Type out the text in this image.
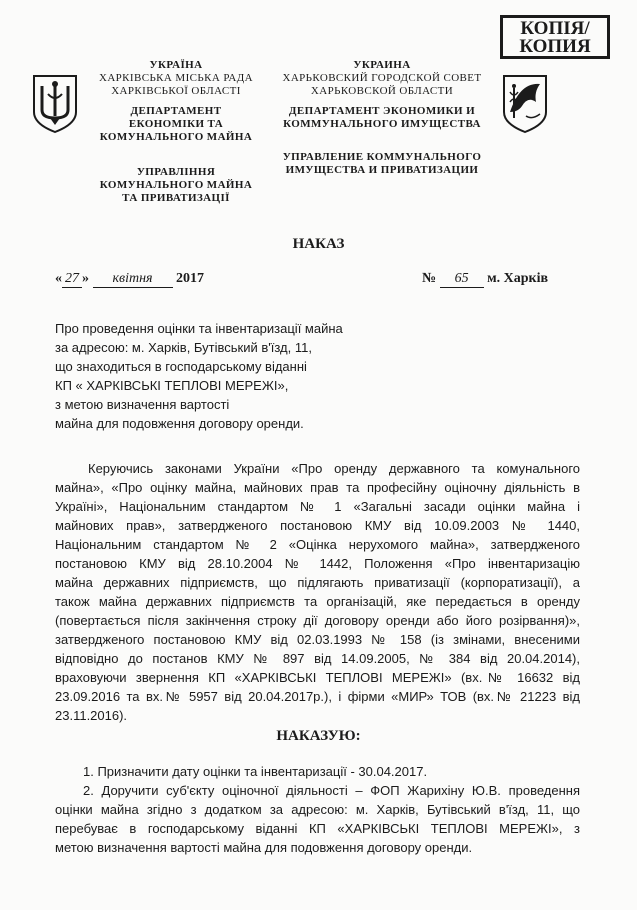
КОПІЯ/
КОПИЯ
УКРАЇНА
ХАРКІВСЬКА МІСЬКА РАДА
ХАРКІВСЬКОЇ ОБЛАСТІ
ДЕПАРТАМЕНТ
ЕКОНОМІКИ ТА
КОМУНАЛЬНОГО МАЙНА
УПРАВЛІННЯ
КОМУНАЛЬНОГО МАЙНА
ТА ПРИВАТИЗАЦІЇ
УКРАИНА
ХАРЬКОВСКИЙ ГОРОДСКОЙ СОВЕТ
ХАРЬКОВСКОЙ ОБЛАСТИ
ДЕПАРТАМЕНТ ЭКОНОМИКИ И
КОММУНАЛЬНОГО ИМУЩЕСТВА
УПРАВЛЕНИЕ КОММУНАЛЬНОГО
ИМУЩЕСТВА И ПРИВАТИЗАЦИИ
НАКАЗ
« 27 » квітня 2017	№ 65 м. Харків
Про проведення оцінки та інвентаризації майна
за адресою: м. Харків, Бутівський в'їзд, 11,
що знаходиться в господарському віданні
КП « ХАРКІВСЬКІ ТЕПЛОВІ МЕРЕЖІ»,
з метою визначення вартості
майна для подовження договору оренди.
Керуючись законами України «Про оренду державного та комунального
майна», «Про оцінку майна, майнових прав та професійну оціночну діяльність в
Україні», Національним стандартом № 1 «Загальні засади оцінки майна і
майнових прав», затвердженого постановою КМУ від 10.09.2003 № 1440,
Національним стандартом № 2 «Оцінка нерухомого майна», затвердженого
постановою КМУ від 28.10.2004 № 1442, Положення «Про інвентаризацію
майна державних підприємств, що підлягають приватизації (корпоратизації), а
також майна державних підприємств та організацій, яке передається в оренду
(повертається після закінчення строку дії договору оренди або його розірвання)»,
затвердженого постановою КМУ від 02.03.1993 № 158 (із змінами, внесеними
відповідно до постанов КМУ № 897 від 14.09.2005, № 384 від 20.04.2014),
враховуючи звернення КП «ХАРКІВСЬКІ ТЕПЛОВІ МЕРЕЖІ» (вх.№ 16632 від
23.09.2016 та вх.№ 5957 від 20.04.2017р.), і фірми «МИР» ТОВ (вх.№ 21223 від
23.11.2016).
НАКАЗУЮ:
1. Призначити дату оцінки та інвентаризації - 30.04.2017.
2. Доручити суб'єкту оціночної діяльності – ФОП Жарихіну Ю.В. проведення
оцінки майна згідно з додатком за адресою: м. Харків, Бутівський в'їзд, 11, що
перебуває в господарському віданні КП «ХАРКІВСЬКІ ТЕПЛОВІ МЕРЕЖІ», з
метою визначення вартості майна для подовження договору оренди.
